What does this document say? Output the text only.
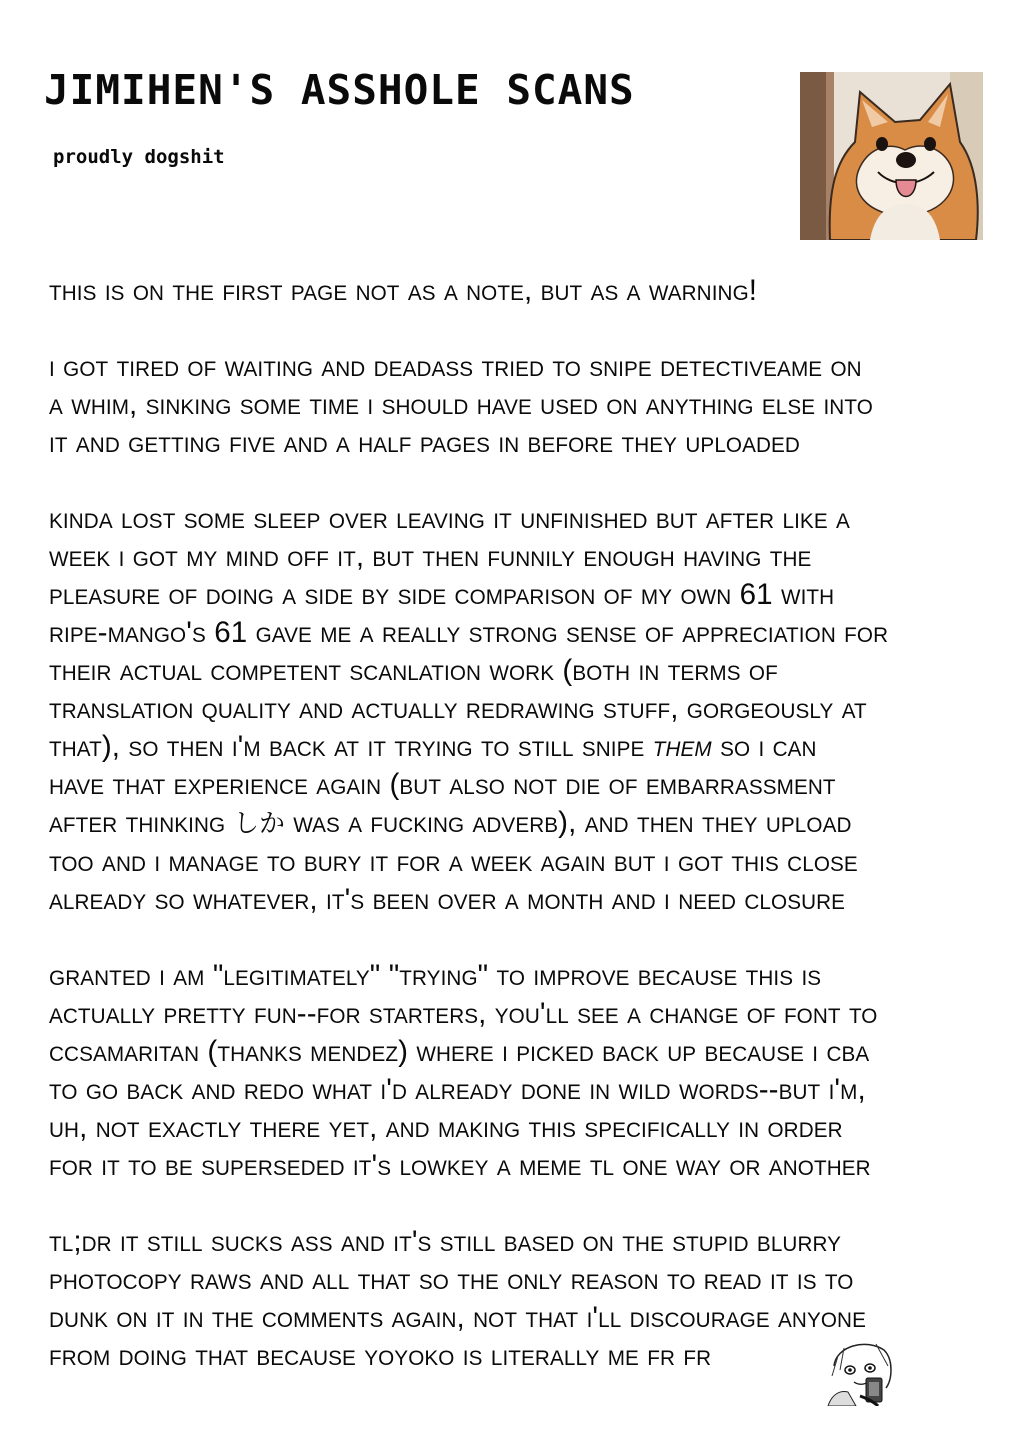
JIMIHEN'S ASSHOLE SCANS

proudly dogshit

this is on the first page not as a note, but as a warning!

i got tired of waiting and deadass tried to snipe detectiveame on
a whim, sinking some time i should have used on anything else into
it and getting five and a half pages in before they uploaded

kinda lost some sleep over leaving it unfinished but after like a
week i got my mind off it, but then funnily enough having the
pleasure of doing a side by side comparison of my own 61 with
ripe-mango's 61 gave me a really strong sense of appreciation for
their actual competent scanlation work (both in terms of
translation quality and actually redrawing stuff, gorgeously at
that), so then i'm back at it trying to still snipe them so i can
have that experience again (but also not die of embarrassment
after thinking しか was a fucking adverb), and then they upload
too and i manage to bury it for a week again but i got this close
already so whatever, it's been over a month and i need closure

granted i am "legitimately" "trying" to improve because this is
actually pretty fun--for starters, you'll see a change of font to
ccsamaritan (thanks mendez) where i picked back up because i cba
to go back and redo what i'd already done in wild words--but i'm,
uh, not exactly there yet, and making this specifically in order
for it to be superseded it's lowkey a meme tl one way or another

tl;dr it still sucks ass and it's still based on the stupid blurry
photocopy raws and all that so the only reason to read it is to
dunk on it in the comments again, not that i'll discourage anyone
from doing that because yoyoko is literally me fr fr
